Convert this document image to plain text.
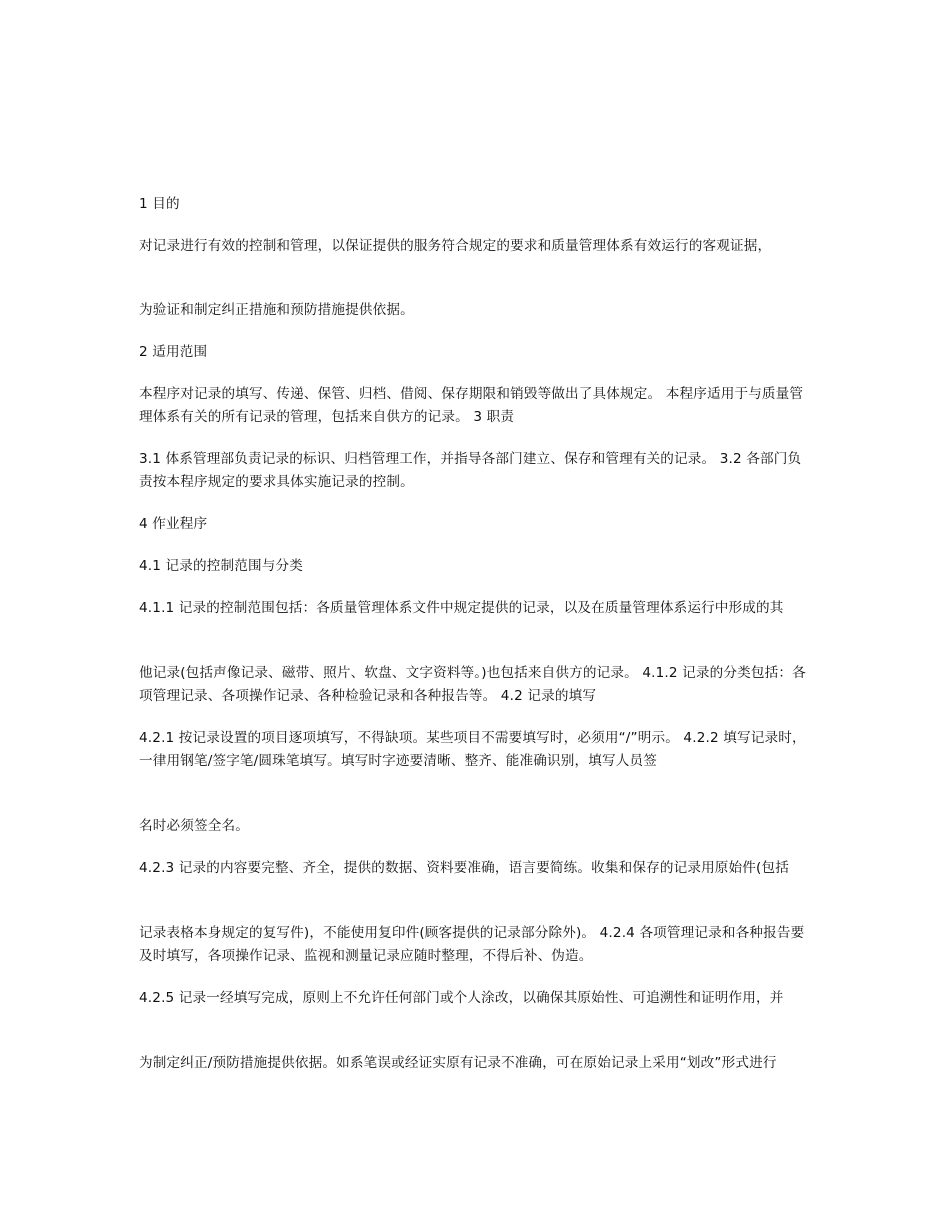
1 目的

对记录进行有效的控制和管理，以保证提供的服务符合规定的要求和质量管理体系有效运行的客观证据，

为验证和制定纠正措施和预防措施提供依据。

2 适用范围

本程序对记录的填写、传递、保管、归档、借阅、保存期限和销毁等做出了具体规定。 本程序适用于与质量管理体系有关的所有记录的管理，包括来自供方的记录。 3 职责

3.1 体系管理部负责记录的标识、归档管理工作，并指导各部门建立、保存和管理有关的记录。 3.2 各部门负责按本程序规定的要求具体实施记录的控制。

4 作业程序

4.1 记录的控制范围与分类

4.1.1 记录的控制范围包括：各质量管理体系文件中规定提供的记录，以及在质量管理体系运行中形成的其

他记录(包括声像记录、磁带、照片、软盘、文字资料等。)也包括来自供方的记录。 4.1.2 记录的分类包括：各项管理记录、各项操作记录、各种检验记录和各种报告等。 4.2 记录的填写

4.2.1 按记录设置的项目逐项填写，不得缺项。某些项目不需要填写时，必须用“/”明示。 4.2.2 填写记录时，一律用钢笔/签字笔/圆珠笔填写。填写时字迹要清晰、整齐、能准确识别，填写人员签

名时必须签全名。

4.2.3 记录的内容要完整、齐全，提供的数据、资料要准确，语言要简练。收集和保存的记录用原始件(包括

记录表格本身规定的复写件)，不能使用复印件(顾客提供的记录部分除外)。 4.2.4 各项管理记录和各种报告要及时填写，各项操作记录、监视和测量记录应随时整理，不得后补、伪造。

4.2.5 记录一经填写完成，原则上不允许任何部门或个人涂改，以确保其原始性、可追溯性和证明作用，并

为制定纠正/预防措施提供依据。如系笔误或经证实原有记录不准确，可在原始记录上采用“划改”形式进行
